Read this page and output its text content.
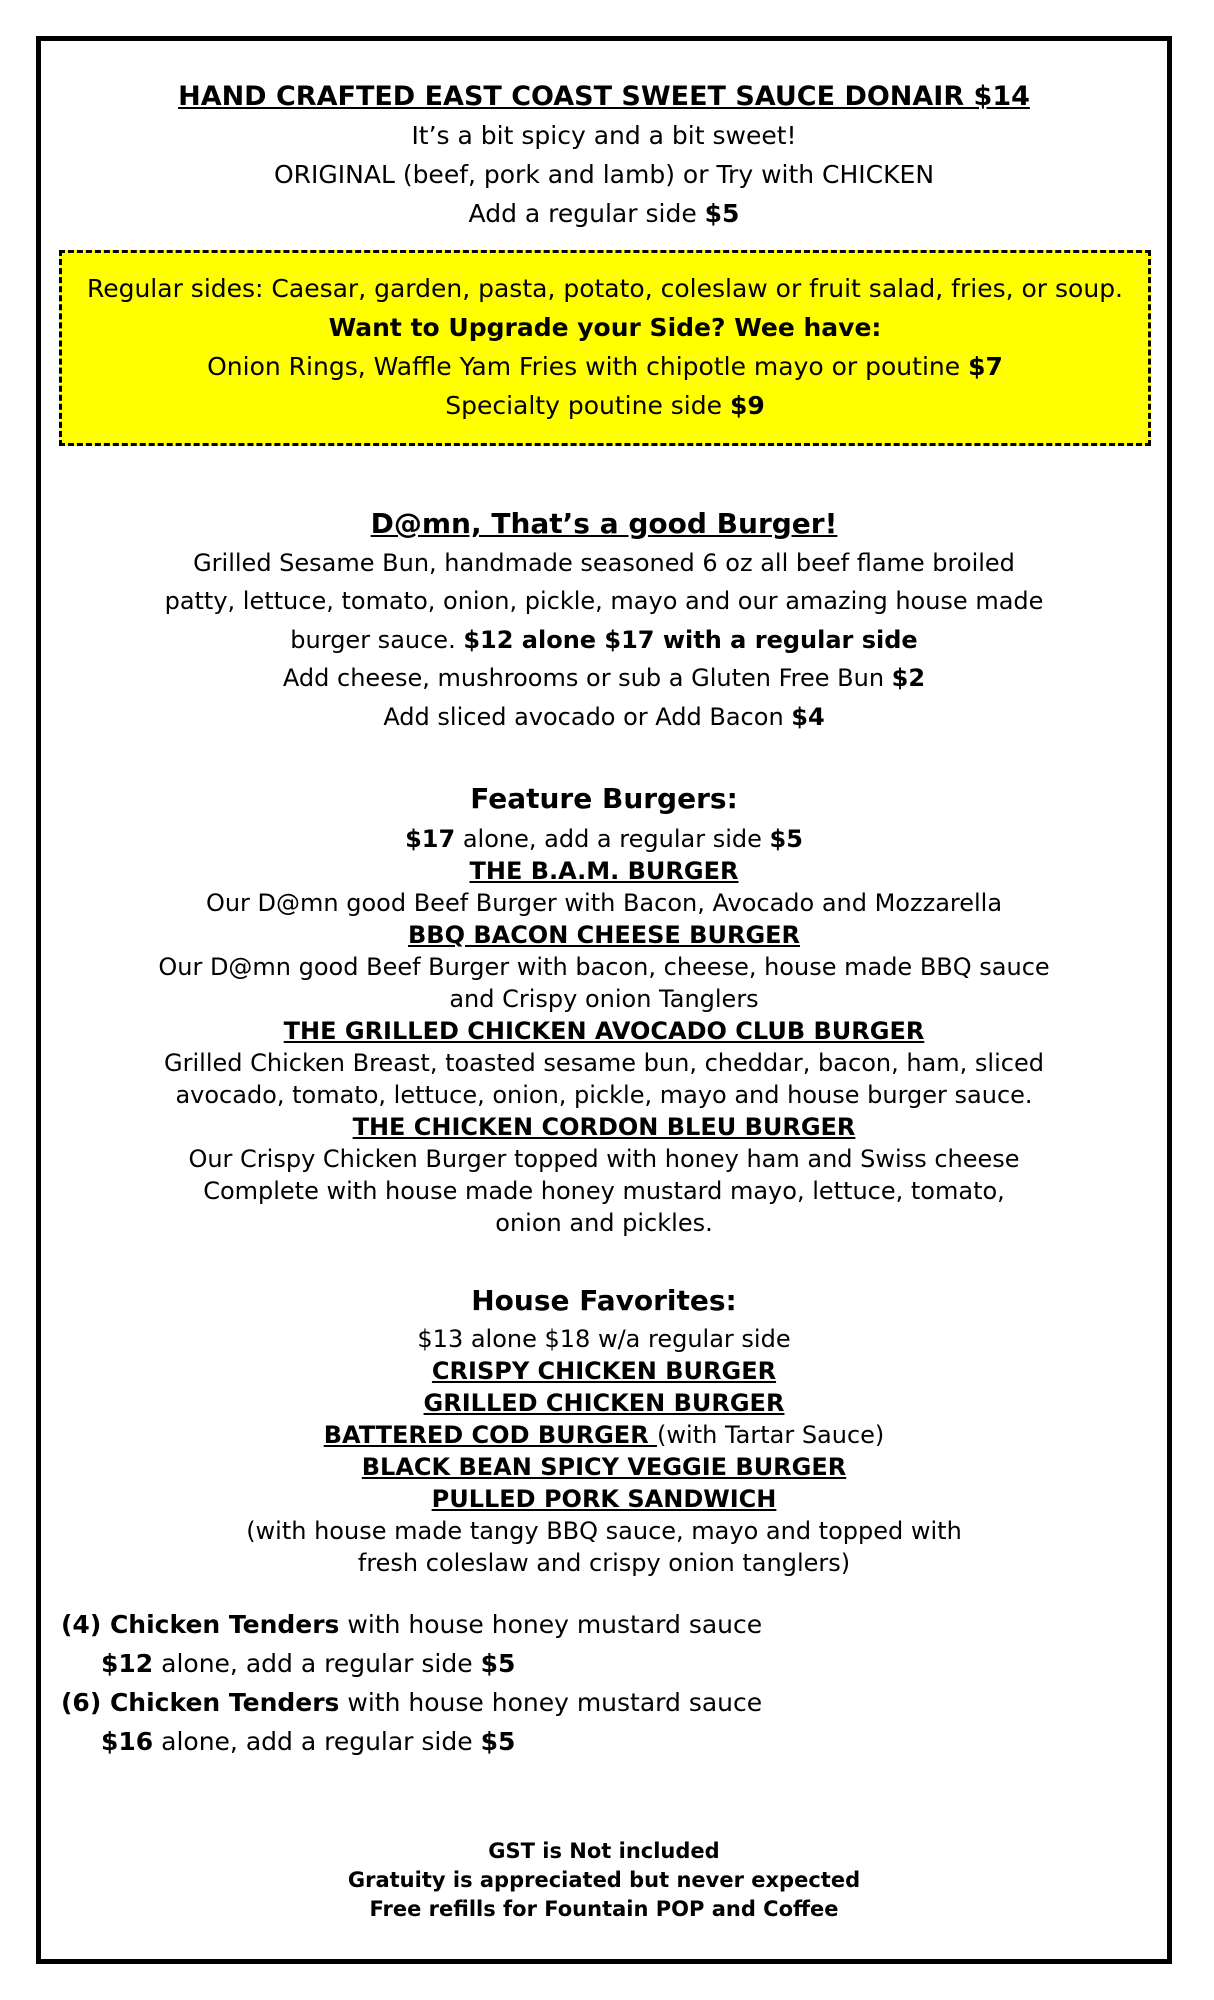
HAND CRAFTED EAST COAST SWEET SAUCE DONAIR $14
It’s a bit spicy and a bit sweet!
ORIGINAL (beef, pork and lamb) or Try with CHICKEN
Add a regular side $5
Regular sides: Caesar, garden, pasta, potato, coleslaw or fruit salad, fries, or soup.
Want to Upgrade your Side? Wee have:
Onion Rings, Waffle Yam Fries with chipotle mayo or poutine $7
Specialty poutine side $9
D@mn, That’s a good Burger!
Grilled Sesame Bun, handmade seasoned 6 oz all beef flame broiled
patty, lettuce, tomato, onion, pickle, mayo and our amazing house made
burger sauce. $12 alone $17 with a regular side
Add cheese, mushrooms or sub a Gluten Free Bun $2
Add sliced avocado or Add Bacon $4
Feature Burgers:
$17 alone, add a regular side $5
THE B.A.M. BURGER
Our D@mn good Beef Burger with Bacon, Avocado and Mozzarella
BBQ BACON CHEESE BURGER
Our D@mn good Beef Burger with bacon, cheese, house made BBQ sauce
and Crispy onion Tanglers
THE GRILLED CHICKEN AVOCADO CLUB BURGER
Grilled Chicken Breast, toasted sesame bun, cheddar, bacon, ham, sliced
avocado, tomato, lettuce, onion, pickle, mayo and house burger sauce.
THE CHICKEN CORDON BLEU BURGER
Our Crispy Chicken Burger topped with honey ham and Swiss cheese
Complete with house made honey mustard mayo, lettuce, tomato,
onion and pickles.
House Favorites:
$13 alone $18 w/a regular side
CRISPY CHICKEN BURGER
GRILLED CHICKEN BURGER
BATTERED COD BURGER (with Tartar Sauce)
BLACK BEAN SPICY VEGGIE BURGER
PULLED PORK SANDWICH
(with house made tangy BBQ sauce, mayo and topped with
fresh coleslaw and crispy onion tanglers)
(4) Chicken Tenders with house honey mustard sauce
$12 alone, add a regular side $5
(6) Chicken Tenders with house honey mustard sauce
$16 alone, add a regular side $5
GST is Not included
Gratuity is appreciated but never expected
Free refills for Fountain POP and Coffee
